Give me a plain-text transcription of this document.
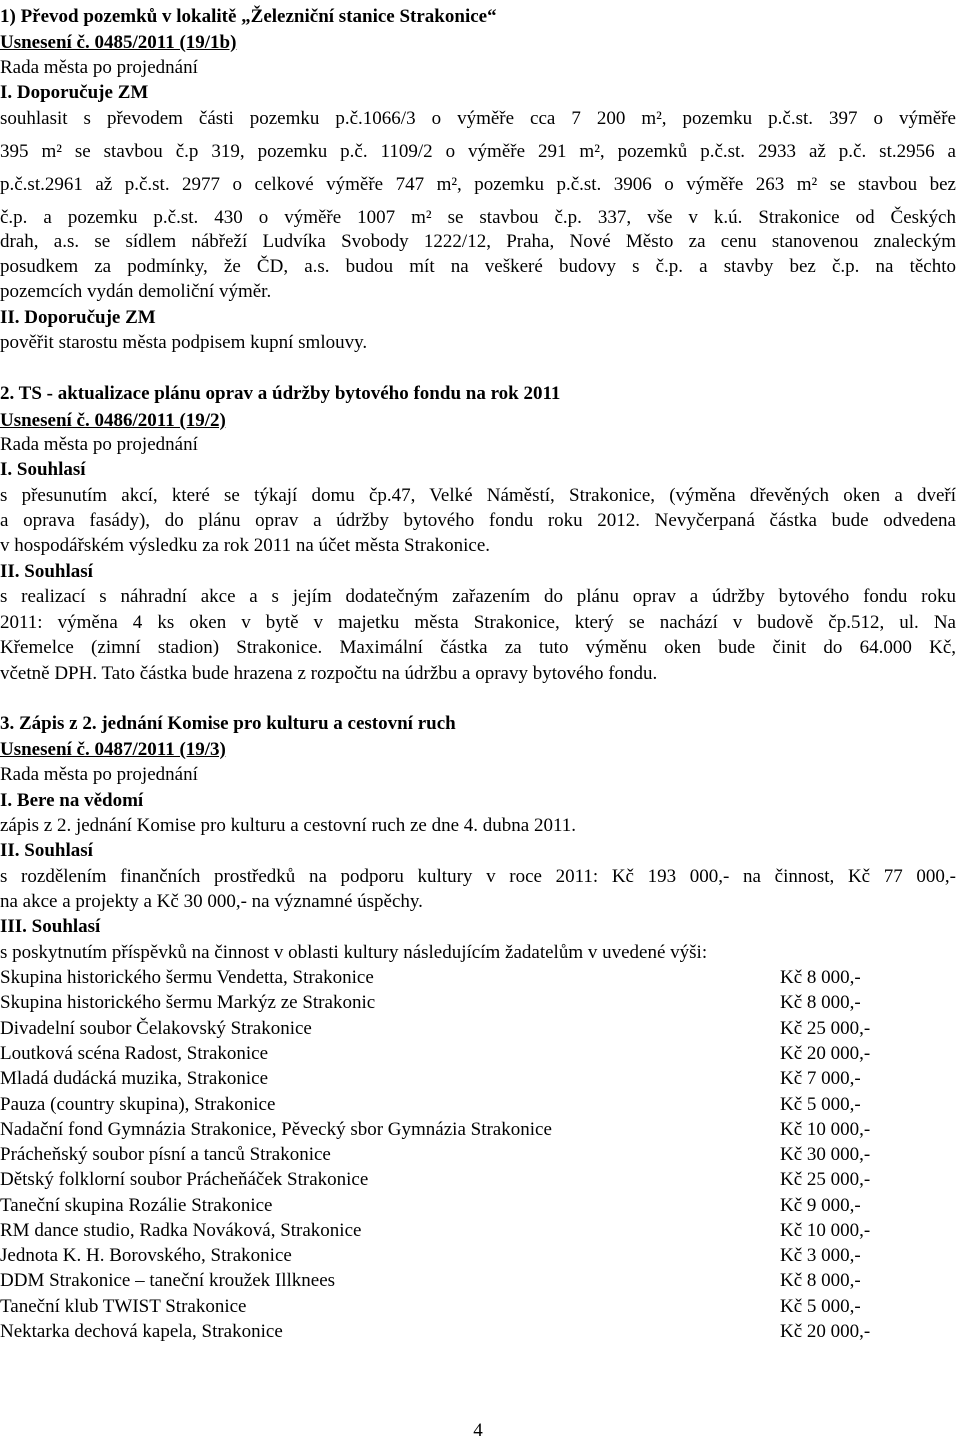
1) Převod pozemků v lokalitě „Železniční stanice Strakonice“
Usnesení č. 0485/2011 (19/1b)
Rada města po projednání
I. Doporučuje ZM
souhlasit s převodem části pozemku p.č.1066/3 o výměře cca 7 200 m², pozemku p.č.st. 397 o výměře
395 m² se stavbou č.p 319, pozemku p.č. 1109/2 o výměře 291 m², pozemků p.č.st. 2933 až p.č. st.2956 a
p.č.st.2961 až p.č.st. 2977 o celkové výměře 747 m², pozemku p.č.st. 3906 o výměře 263 m² se stavbou bez
č.p. a pozemku p.č.st. 430 o výměře 1007 m² se stavbou č.p. 337, vše v k.ú. Strakonice od Českých
drah, a.s. se sídlem nábřeží Ludvíka Svobody 1222/12, Praha, Nové Město za cenu stanovenou znaleckým
posudkem za podmínky, že ČD, a.s. budou mít na veškeré budovy s č.p. a stavby bez č.p. na těchto
pozemcích vydán demoliční výměr.
II. Doporučuje ZM
pověřit starostu města podpisem kupní smlouvy.
2. TS - aktualizace plánu oprav a údržby bytového fondu na rok 2011
Usnesení č. 0486/2011 (19/2)
Rada města po projednání
I. Souhlasí
s přesunutím akcí, které se týkají domu čp.47, Velké Náměstí, Strakonice, (výměna dřevěných oken a dveří
a oprava fasády), do plánu oprav a údržby bytového fondu roku 2012. Nevyčerpaná částka bude odvedena
v hospodářském výsledku za rok 2011 na účet města Strakonice.
II. Souhlasí
s realizací s náhradní akce a s jejím dodatečným zařazením do plánu oprav a údržby bytového fondu roku
2011: výměna 4 ks oken v bytě v majetku města Strakonice, který se nachází v budově čp.512, ul. Na
Křemelce (zimní stadion) Strakonice. Maximální částka za tuto výměnu oken bude činit do 64.000 Kč,
včetně DPH. Tato částka bude hrazena z rozpočtu na údržbu a opravy bytového fondu.
3. Zápis z 2. jednání Komise pro kulturu a cestovní ruch
Usnesení č. 0487/2011 (19/3)
Rada města po projednání
I. Bere na vědomí
zápis z 2. jednání Komise pro kulturu a cestovní ruch ze dne 4. dubna 2011.
II. Souhlasí
s rozdělením finančních prostředků na podporu kultury v roce 2011: Kč 193 000,- na činnost, Kč 77 000,-
na akce a projekty a Kč 30 000,- na významné úspěchy.
III. Souhlasí
s poskytnutím příspěvků na činnost v oblasti kultury následujícím žadatelům v uvedené výši:
Skupina historického šermu Vendetta, Strakonice	Kč 8 000,-
Skupina historického šermu Markýz ze Strakonic	Kč 8 000,-
Divadelní soubor Čelakovský Strakonice	Kč 25 000,-
Loutková scéna Radost, Strakonice	Kč 20 000,-
Mladá dudácká muzika, Strakonice	Kč 7 000,-
Pauza (country skupina), Strakonice	Kč 5 000,-
Nadační fond Gymnázia Strakonice, Pěvecký sbor Gymnázia Strakonice	Kč 10 000,-
Prácheňský soubor písní a tanců Strakonice	Kč 30 000,-
Dětský folklorní soubor Prácheňáček Strakonice	Kč 25 000,-
Taneční skupina Rozálie Strakonice	Kč 9 000,-
RM dance studio, Radka Nováková, Strakonice	Kč 10 000,-
Jednota K. H. Borovského, Strakonice	Kč 3 000,-
DDM Strakonice – taneční kroužek Illknees	Kč 8 000,-
Taneční klub TWIST Strakonice	Kč 5 000,-
Nektarka dechová kapela, Strakonice	Kč 20 000,-
4
